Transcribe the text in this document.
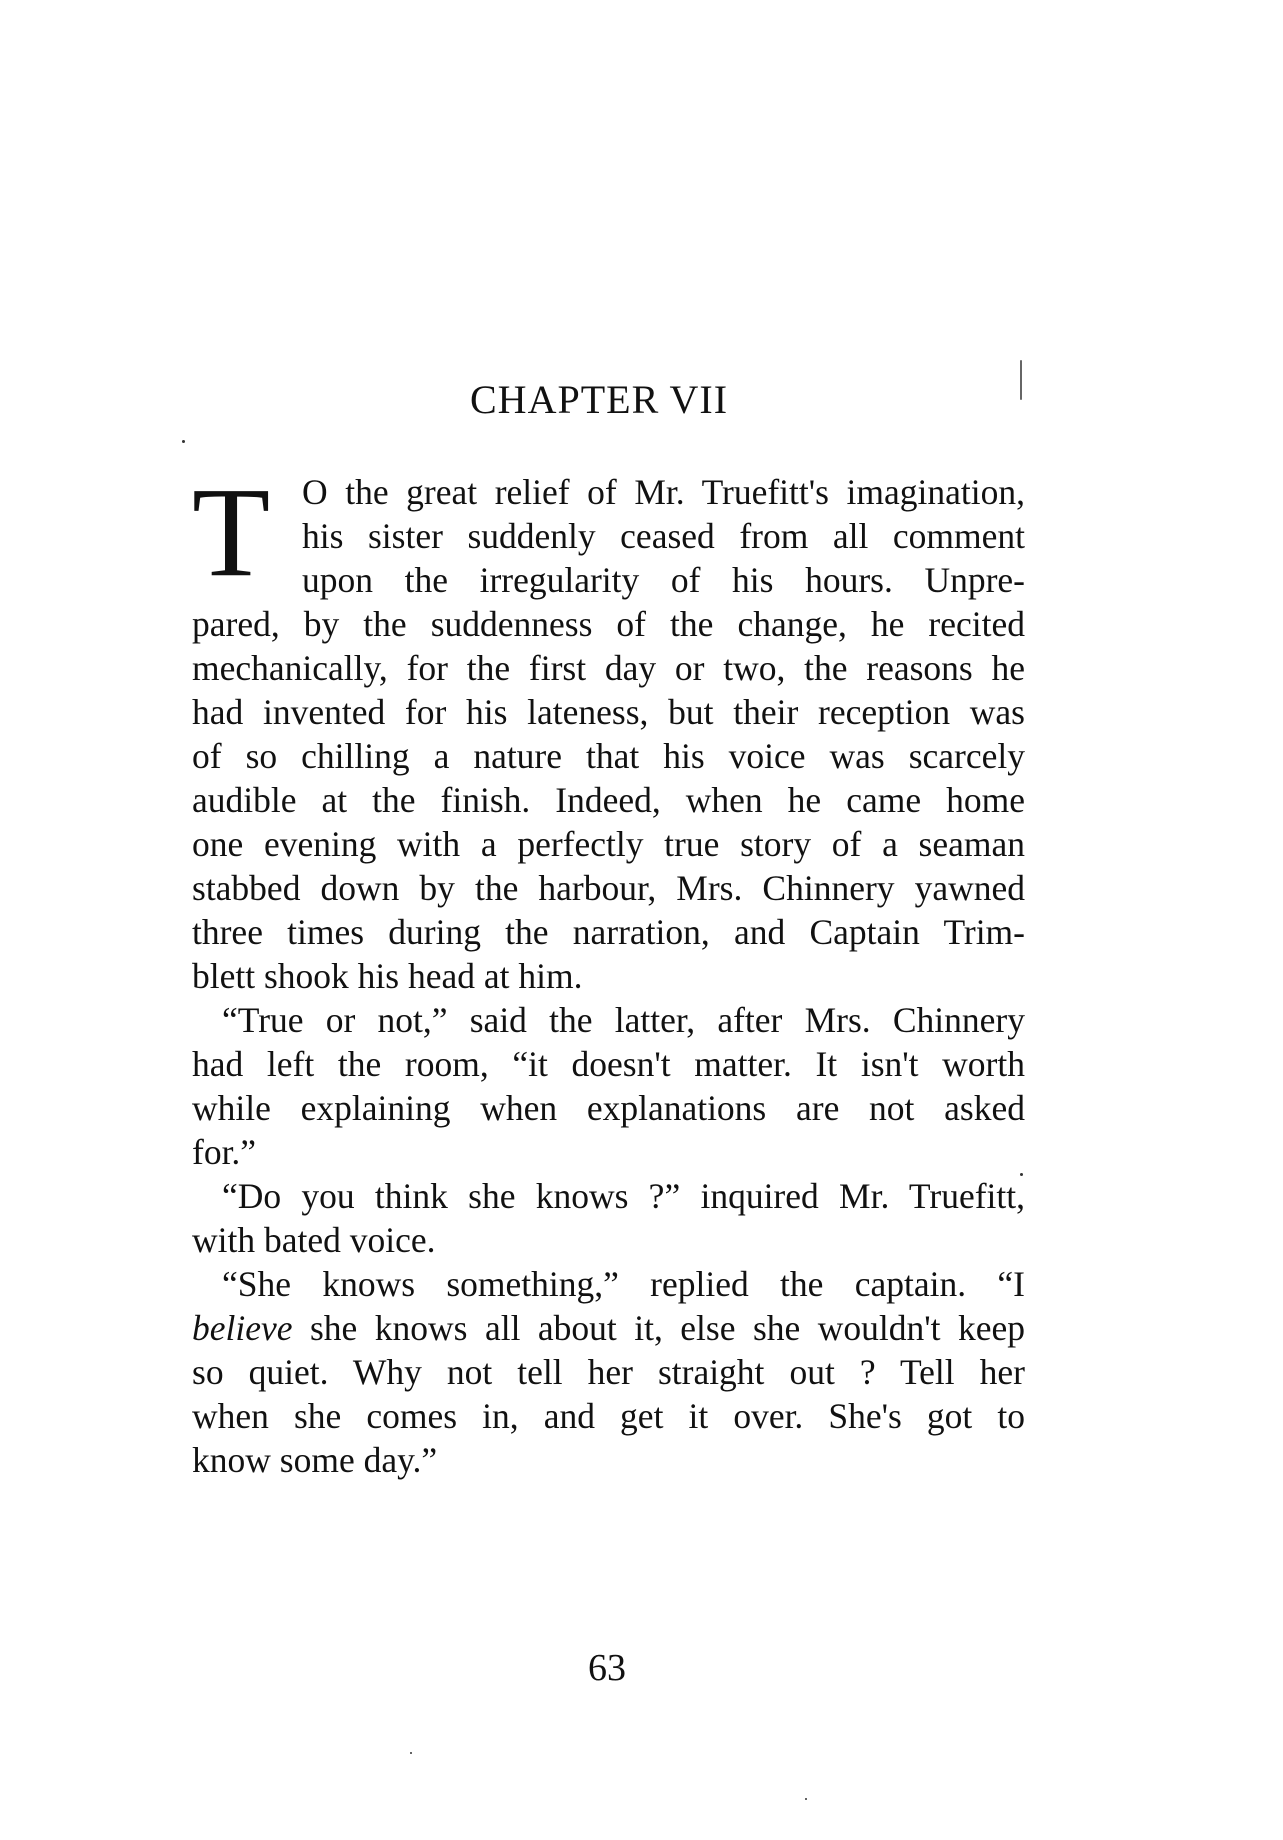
CHAPTER VII
T O the great relief of Mr. Truefitt's imagination,
his sister suddenly ceased from all comment
upon the irregularity of his hours. Unpre-
pared, by the suddenness of the change, he recited
mechanically, for the first day or two, the reasons he
had invented for his lateness, but their reception was
of so chilling a nature that his voice was scarcely
audible at the finish. Indeed, when he came home
one evening with a perfectly true story of a seaman
stabbed down by the harbour, Mrs. Chinnery yawned
three times during the narration, and Captain Trim-
blett shook his head at him.
“True or not,” said the latter, after Mrs. Chinnery
had left the room, “it doesn't matter. It isn't worth
while explaining when explanations are not asked
for.”
“Do you think she knows ?” inquired Mr. Truefitt,
with bated voice.
“She knows something,” replied the captain. “I
believe she knows all about it, else she wouldn't keep
so quiet. Why not tell her straight out ? Tell her
when she comes in, and get it over. She's got to
know some day.”
63
